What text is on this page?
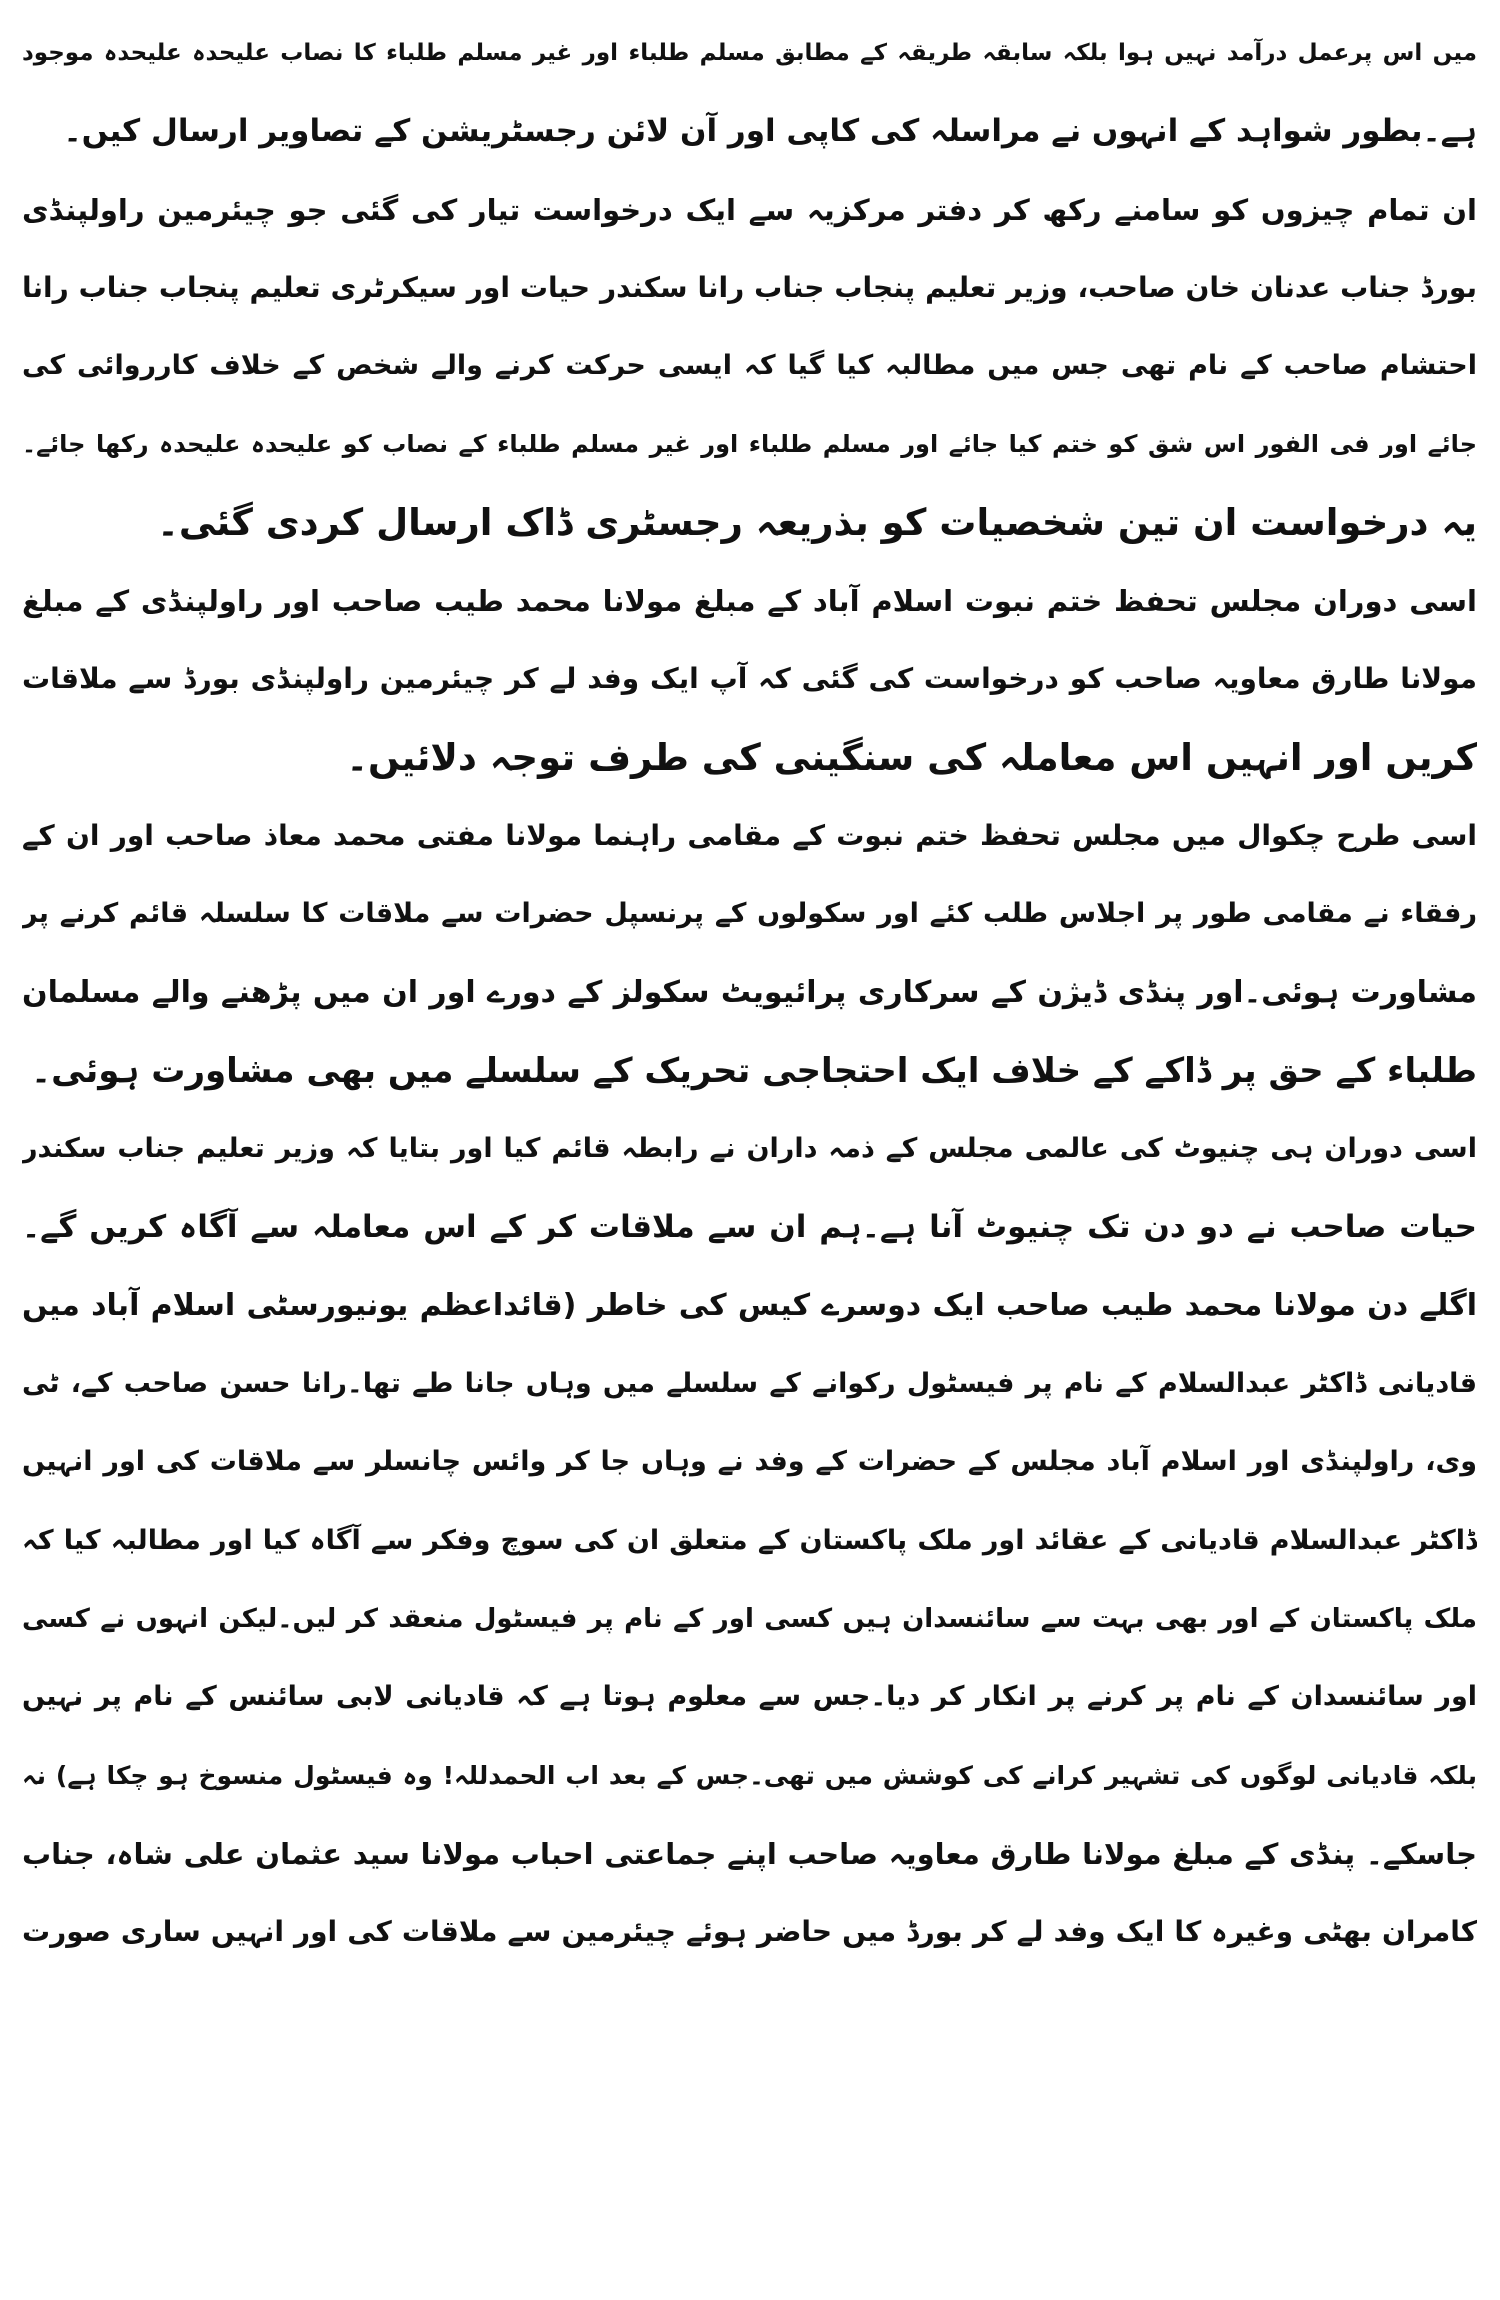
میں اس پرعمل درآمد نہیں ہوا بلکہ سابقہ طریقہ کے مطابق مسلم طلباء اور غیر مسلم طلباء کا نصاب علیحدہ علیحدہ موجود
ہے۔بطور شواہد کے انہوں نے مراسلہ کی کاپی اور آن لائن رجسٹریشن کے تصاویر ارسال کیں۔
ان تمام چیزوں کو سامنے رکھ کر دفتر مرکزیہ سے ایک درخواست تیار کی گئی جو چیئرمین راولپنڈی
بورڈ جناب عدنان خان صاحب، وزیر تعلیم پنجاب جناب رانا سکندر حیات اور سیکرٹری تعلیم پنجاب جناب رانا
احتشام صاحب کے نام تھی جس میں مطالبہ کیا گیا کہ ایسی حرکت کرنے والے شخص کے خلاف کارروائی کی
جائے اور فی الفور اس شق کو ختم کیا جائے اور مسلم طلباء اور غیر مسلم طلباء کے نصاب کو علیحدہ علیحدہ رکھا جائے۔
یہ درخواست ان تین شخصیات کو بذریعہ رجسٹری ڈاک ارسال کردی گئی۔
اسی دوران مجلس تحفظ ختم نبوت اسلام آباد کے مبلغ مولانا محمد طیب صاحب اور راولپنڈی کے مبلغ
مولانا طارق معاویہ صاحب کو درخواست کی گئی کہ آپ ایک وفد لے کر چیئرمین راولپنڈی بورڈ سے ملاقات
کریں اور انہیں اس معاملہ کی سنگینی کی طرف توجہ دلائیں۔
اسی طرح چکوال میں مجلس تحفظ ختم نبوت کے مقامی راہنما مولانا مفتی محمد معاذ صاحب اور ان کے
رفقاء نے مقامی طور پر اجلاس طلب کئے اور سکولوں کے پرنسپل حضرات سے ملاقات کا سلسلہ قائم کرنے پر
مشاورت ہوئی۔اور پنڈی ڈیژن کے سرکاری پرائیویٹ سکولز کے دورے اور ان میں پڑھنے والے مسلمان
طلباء کے حق پر ڈاکے کے خلاف ایک احتجاجی تحریک کے سلسلے میں بھی مشاورت ہوئی۔
اسی دوران ہی چنیوٹ کی عالمی مجلس کے ذمہ داران نے رابطہ قائم کیا اور بتایا کہ وزیر تعلیم جناب سکندر
حیات صاحب نے دو دن تک چنیوٹ آنا ہے۔ہم ان سے ملاقات کر کے اس معاملہ سے آگاہ کریں گے۔
اگلے دن مولانا محمد طیب صاحب ایک دوسرے کیس کی خاطر (قائداعظم یونیورسٹی اسلام آباد میں
قادیانی ڈاکٹر عبدالسلام کے نام پر فیسٹول رکوانے کے سلسلے میں وہاں جانا طے تھا۔رانا حسن صاحب کے، ٹی
وی، راولپنڈی اور اسلام آباد مجلس کے حضرات کے وفد نے وہاں جا کر وائس چانسلر سے ملاقات کی اور انہیں
ڈاکٹر عبدالسلام قادیانی کے عقائد اور ملک پاکستان کے متعلق ان کی سوچ وفکر سے آگاہ کیا اور مطالبہ کیا کہ
ملک پاکستان کے اور بھی بہت سے سائنسدان ہیں کسی اور کے نام پر فیسٹول منعقد کر لیں۔لیکن انہوں نے کسی
اور سائنسدان کے نام پر کرنے پر انکار کر دیا۔جس سے معلوم ہوتا ہے کہ قادیانی لابی سائنس کے نام پر نہیں
بلکہ قادیانی لوگوں کی تشہیر کرانے کی کوشش میں تھی۔جس کے بعد اب الحمدللہ! وہ فیسٹول منسوخ ہو چکا ہے) نہ
جاسکے۔ پنڈی کے مبلغ مولانا طارق معاویہ صاحب اپنے جماعتی احباب مولانا سید عثمان علی شاہ، جناب
کامران بھٹی وغیرہ کا ایک وفد لے کر بورڈ میں حاضر ہوئے چیئرمین سے ملاقات کی اور انہیں ساری صورت
